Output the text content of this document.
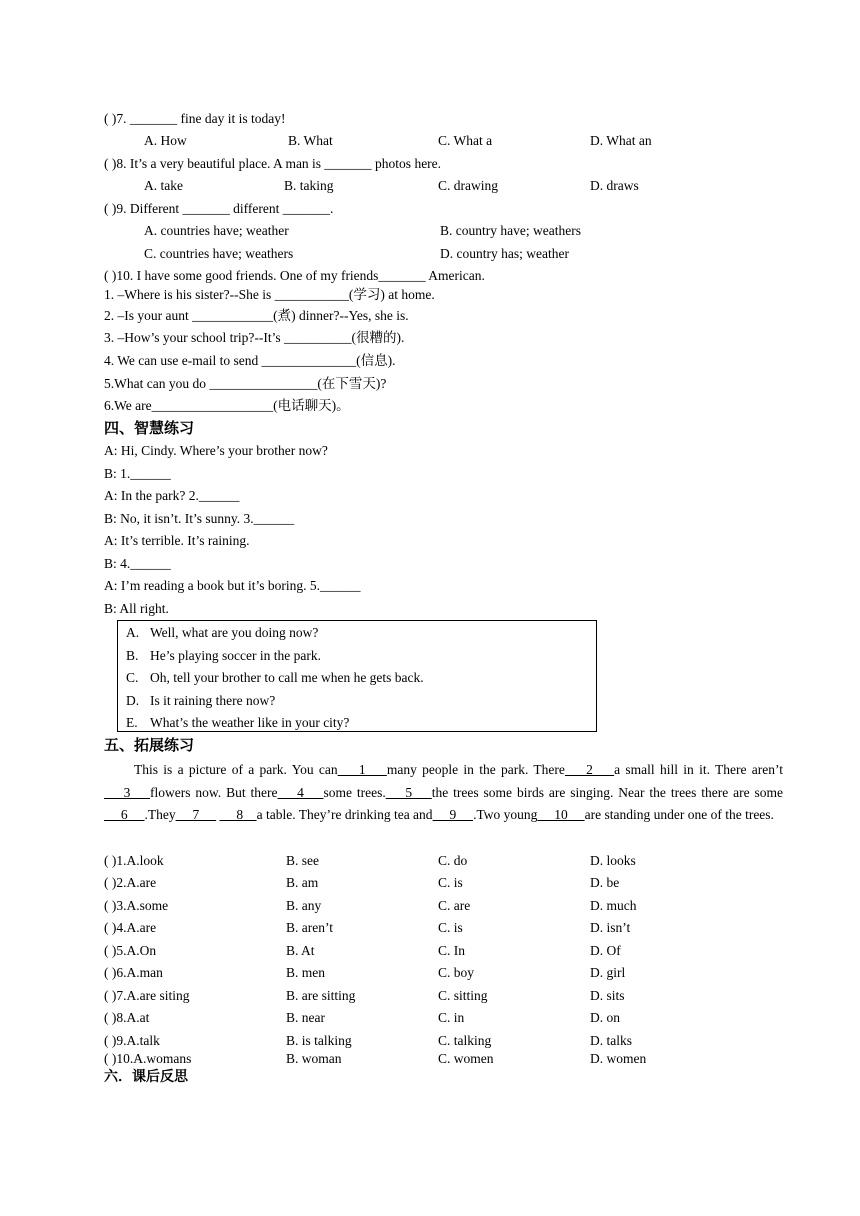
( )7. _______ fine day it is today!
A. How	B. What	C. What a	D. What an
( )8. It’s a very beautiful place. A man is _______ photos here.
A. take	B. taking	C. drawing	D. draws
( )9. Different _______ different _______.
A. countries have; weather	B. country have; weathers
C. countries have; weathers	D. country has; weather
( )10. I have some good friends. One of my friends_______ American.
1. –Where is his sister?--She is ___________(学习) at home.
2. –Is your aunt ____________(煮) dinner?--Yes, she is.
3. –How’s your school trip?--It’s __________(很糟的).
4. We can use e-mail to send ______________(信息).
5.What can you do ________________(在下雪天)?
6.We are__________________(电话聊天)。
四、智慧练习
A: Hi, Cindy. Where’s your brother now?
B: 1.______
A: In the park? 2.______
B: No, it isn’t. It’s sunny. 3.______
A: It’s terrible. It’s raining.
B: 4.______
A: I’m reading a book but it’s boring. 5.______
B: All right.
A. Well, what are you doing now?
B. He’s playing soccer in the park.
C. Oh, tell your brother to call me when he gets back.
D. Is it raining there now?
E. What’s the weather like in your city?
五、拓展练习

This is a picture of a park. You can    1    many people in the park. There    2    a small hill in it. There aren’t    3    flowers now. But there    4    some trees.    5    the trees some birds are singing. Near the trees there are some     6     .They     7           8    a table. They’re drinking tea and     9     .Two young     10     are standing under one of the trees.

( )1.A.look	B. see	C. do	D. looks
( )2.A.are	B. am	C. is	D. be
( )3.A.some	B. any	C. are	D. much
( )4.A.are	B. aren’t	C. is	D. isn’t
( )5.A.On	B. At	C. In	D. Of
( )6.A.man	B. men	C. boy	D. girl
( )7.A.are siting	B. are sitting	C. sitting	D. sits
( )8.A.at	B. near	C. in	D. on
( )9.A.talk	B. is talking	C. talking	D. talks
( )10.A.womans	B. woman	C. women	D. women
六．课后反思
